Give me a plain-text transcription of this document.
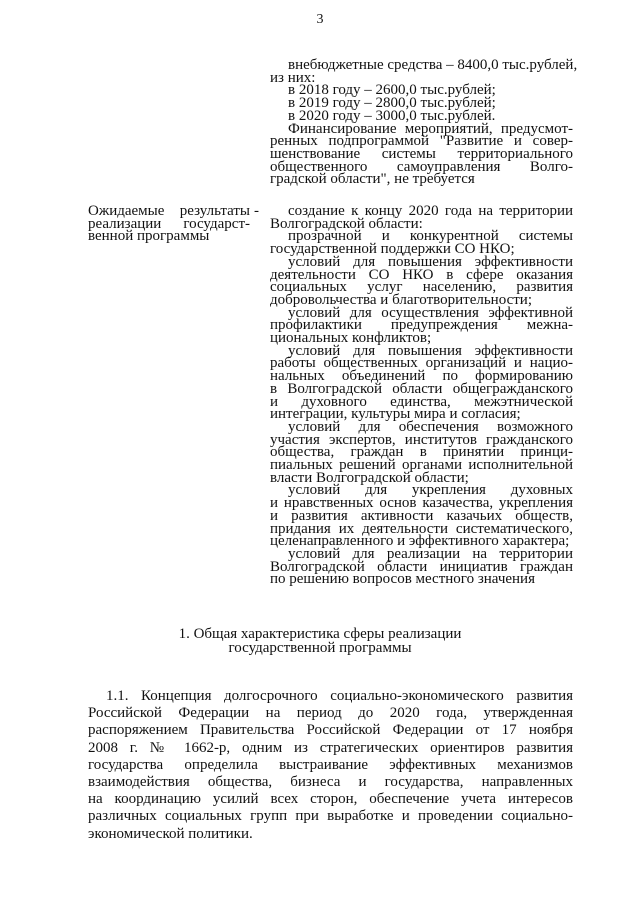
3
внебюджетные средства – 8400,0 тыс.рублей,
из них:
в 2018 году – 2600,0 тыс.рублей;
в 2019 году – 2800,0 тыс.рублей;
в 2020 году – 3000,0 тыс.рублей.
Финансирование мероприятий, предусмот-
ренных подпрограммой "Развитие и совер-
шенствование системы территориального
общественного самоуправления Волго-
градской области", не требуется
Ожидаемые результаты
реализации государст-
венной программы
-	создание к концу 2020 года на территории
Волгоградской области:
прозрачной и конкурентной системы
государственной поддержки СО НКО;
условий для повышения эффективности
деятельности СО НКО в сфере оказания
социальных услуг населению, развития
добровольчества и благотворительности;
условий для осуществления эффективной
профилактики предупреждения межна-
циональных конфликтов;
условий для повышения эффективности
работы общественных организаций и нацио-
нальных объединений по формированию
в Волгоградской области общегражданского
и духовного единства, межэтнической
интеграции, культуры мира и согласия;
условий для обеспечения возможного
участия экспертов, институтов гражданского
общества, граждан в принятии принци-
пиальных решений органами исполнительной
власти Волгоградской области;
условий для укрепления духовных
и нравственных основ казачества, укрепления
и развития активности казачьих обществ,
придания их деятельности систематического,
целенаправленного и эффективного характера;
условий для реализации на территории
Волгоградской области инициатив граждан
по решению вопросов местного значения
1. Общая характеристика сферы реализации
государственной программы
1.1. Концепция долгосрочного социально-экономического развития
Российской Федерации на период до 2020 года, утвержденная
распоряжением Правительства Российской Федерации от 17 ноября
2008 г. № 1662-р, одним из стратегических ориентиров развития
государства определила выстраивание эффективных механизмов
взаимодействия общества, бизнеса и государства, направленных
на координацию усилий всех сторон, обеспечение учета интересов
различных социальных групп при выработке и проведении социально-
экономической политики.
